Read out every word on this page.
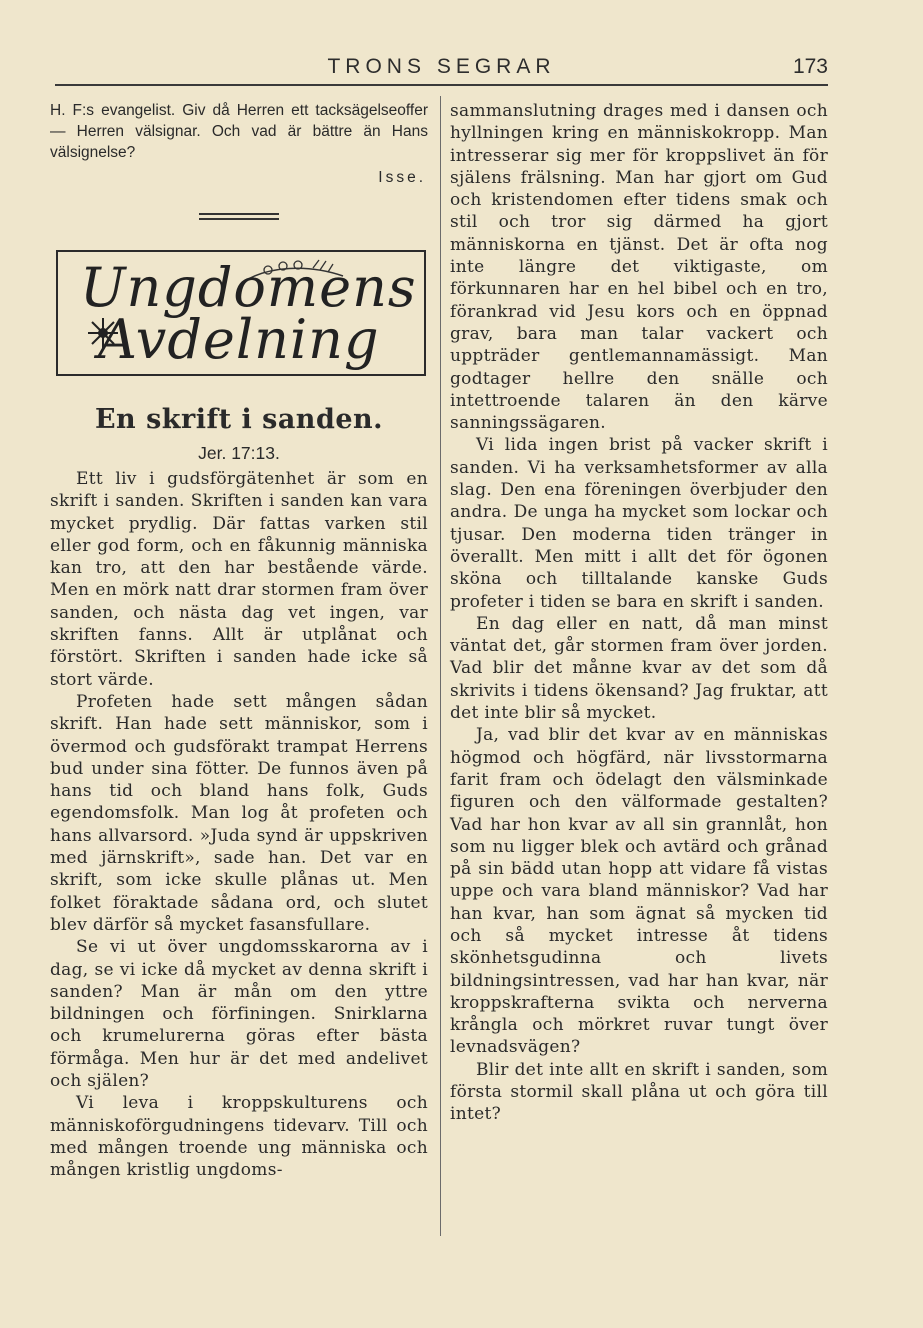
TRONS SEGRAR	173

H. F:s evangelist. Giv då Herren ett tacksägelseoffer — Herren välsignar. Och vad är bättre än Hans välsignelse?

Isse.
Ungdomens
Avdelning
En skrift i sanden.
Jer. 17:13.

Ett liv i gudsförgätenhet är som en skrift i sanden. Skriften i sanden kan vara mycket prydlig. Där fattas varken stil eller god form, och en fåkunnig människa kan tro, att den har bestående värde. Men en mörk natt drar stormen fram över sanden, och nästa dag vet ingen, var skriften fanns. Allt är utplånat och förstört. Skriften i sanden hade icke så stort värde.

Profeten hade sett mången sådan skrift. Han hade sett människor, som i övermod och gudsförakt trampat Herrens bud under sina fötter. De funnos även på hans tid och bland hans folk, Guds egendomsfolk. Man log åt profeten och hans allvarsord. »Juda synd är uppskriven med järnskrift», sade han. Det var en skrift, som icke skulle plånas ut. Men folket föraktade sådana ord, och slutet blev därför så mycket fasansfullare.

Se vi ut över ungdomsskarorna av i dag, se vi icke då mycket av denna skrift i sanden? Man är mån om den yttre bildningen och förfiningen. Snirklarna och krumelurerna göras efter bästa förmåga. Men hur är det med andelivet och själen?

Vi leva i kroppskulturens och människoförgudningens tidevarv. Till och med mången troende ung människa och mången kristlig ungdoms-

sammanslutning drages med i dansen och hyllningen kring en människokropp. Man intresserar sig mer för kroppslivet än för själens frälsning. Man har gjort om Gud och kristendomen efter tidens smak och stil och tror sig därmed ha gjort människorna en tjänst. Det är ofta nog inte längre det viktigaste, om förkunnaren har en hel bibel och en tro, förankrad vid Jesu kors och en öppnad grav, bara man talar vackert och uppträder gentlemannamässigt. Man godtager hellre den snälle och intettroende talaren än den kärve sanningssägaren.

Vi lida ingen brist på vacker skrift i sanden. Vi ha verksamhetsformer av alla slag. Den ena föreningen överbjuder den andra. De unga ha mycket som lockar och tjusar. Den moderna tiden tränger in överallt. Men mitt i allt det för ögonen sköna och tilltalande kanske Guds profeter i tiden se bara en skrift i sanden.

En dag eller en natt, då man minst väntat det, går stormen fram över jorden. Vad blir det månne kvar av det som då skrivits i tidens ökensand? Jag fruktar, att det inte blir så mycket.

Ja, vad blir det kvar av en människas högmod och högfärd, när livsstormarna farit fram och ödelagt den välsminkade figuren och den välformade gestalten? Vad har hon kvar av all sin grannlåt, hon som nu ligger blek och avtärd och grånad på sin bädd utan hopp att vidare få vistas uppe och vara bland människor? Vad har han kvar, han som ägnat så mycken tid och så mycket intresse åt tidens skönhetsgudinna och livets bildningsintressen, vad har han kvar, när kroppskrafterna svikta och nerverna krångla och mörkret ruvar tungt över levnadsvägen?

Blir det inte allt en skrift i sanden, som första stormil skall plåna ut och göra till intet?
